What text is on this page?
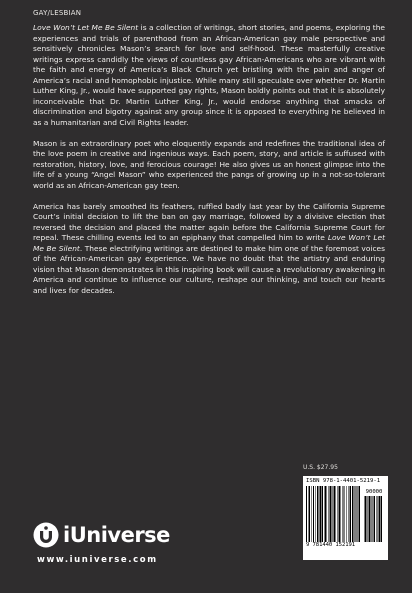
GAY/LESBIAN

Love Won’t Let Me Be Silent is a collection of writings, short stories, and poems, exploring the experiences and trials of parenthood from an African-American gay male perspective and sensitively chronicles Mason’s search for love and self-hood. These masterfully creative writings express candidly the views of countless gay African-Americans who are vibrant with the faith and energy of America’s Black Church yet bristling with the pain and anger of America’s racial and homophobic injustice. While many still speculate over whether Dr. Martin Luther King, Jr., would have supported gay rights, Mason boldly points out that it is absolutely inconceivable that Dr. Martin Luther King, Jr., would endorse anything that smacks of discrimination and bigotry against any group since it is opposed to everything he believed in as a humanitarian and Civil Rights leader.

Mason is an extraordinary poet who eloquently expands and redefines the traditional idea of the love poem in creative and ingenious ways. Each poem, story, and article is suffused with restoration, history, love, and ferocious courage! He also gives us an honest glimpse into the life of a young “Angel Mason” who experienced the pangs of growing up in a not-so-tolerant world as an African-American gay teen.

America has barely smoothed its feathers, ruffled badly last year by the California Supreme Court’s initial decision to lift the ban on gay marriage, followed by a divisive election that reversed the decision and placed the matter again before the California Supreme Court for repeal. These chilling events led to an epiphany that compelled him to write Love Won’t Let Me Be Silent. These electrifying writings are destined to make him one of the foremost voices of the African-American gay experience. We have no doubt that the artistry and enduring vision that Mason demonstrates in this inspiring book will cause a revolutionary awakening in America and continue to influence our culture, reshape our thinking, and touch our hearts and lives for decades.

U.S. $27.95
ISBN 978-1-4401-5219-1
90000
9 781440 152191
iUniverse
www.iuniverse.com
